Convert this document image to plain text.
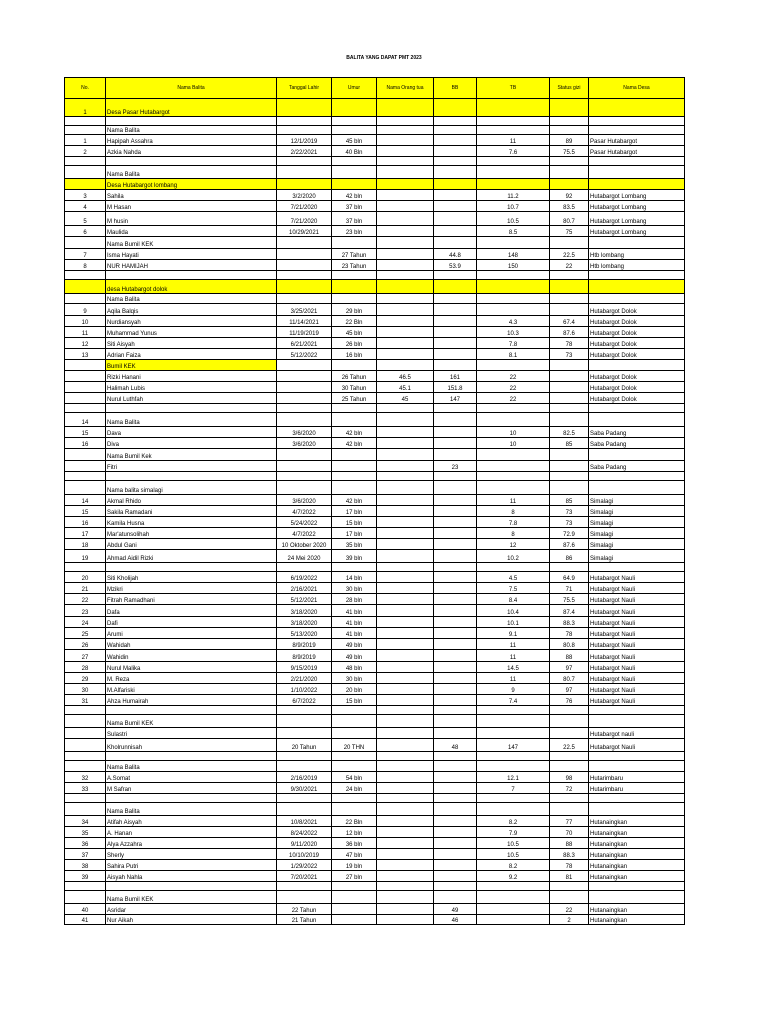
BALITA YANG DAPAT PMT 2023
No.	Nama Balita	Tanggal Lahir	Umur	Nama Orang tua	BB	TB	Status gizi	Nama Desa
1	Desa Pasar Hutabargot							

	Nama Balita							
1	Hapipah Assahra	12/1/2019	45 bln			11	89	Pasar Hutabargot
2	Azkia Nahda	2/22/2021	40 Bln			7.6	75.5	Pasar Hutabargot

	Nama Balita							
	Desa Hutabargot lombang							
3	Sahila	3/2/2020	42 bln			11.2	92	Hutabargot Lombang
4	M Hasan	7/21/2020	37 bln			10.7	83.5	Hutabargot Lombang
5	M husin	7/21/2020	37 bln			10.5	80.7	Hutabargot Lombang
6	Maulida	10/29/2021	23 bln			8.5	75	Hutabargot Lombang
	Nama Bumil KEK							
7	Isma Hayati		27 Tahun		44.8	148	22.5	Htb lombang
8	NUR HAMIJAH		23 Tahun		53.9	150	22	Htb lombang

	desa Hutabargot dolok							
	Nama Balita							
9	Aqila Balqis	3/25/2021	29 bln					Hutabargot Dolok
10	Nurdiansyah	11/14/2021	22 Bln			4.3	67.4	Hutabargot Dolok
11	Muhammad Yunus	11/19/2019	45 bln			10.3	87.6	Hutabargot Dolok
12	Siti Aisyah	6/21/2021	26 bln			7.8	78	Hutabargot Dolok
13	Adrian Faiza	5/12/2022	16 bln			8.1	73	Hutabargot Dolok
	Bumil KEK							
	Rizki Hanani		26 Tahun	46.5	161	22		Hutabargot Dolok
	Halimah Lubis		30 Tahun	45.1	151.8	22		Hutabargot Dolok
	Nurul Luthfah		25 Tahun	45	147	22		Hutabargot Dolok

14	Nama Balita							
15	Dava	3/6/2020	42 bln			10	82.5	Saba Padang
16	Diva	3/6/2020	42 bln			10	85	Saba Padang
	Nama Bumil Kek							
	Fitri				23			Saba Padang

	Nama balita simalagi							
14	Akmal Rhido	3/6/2020	42 bln			11	85	Simalagi
15	Sakila Ramadani	4/7/2022	17 bln			8	73	Simalagi
16	Kamila Husna	5/24/2022	15 bln			7.8	73	Simalagi
17	Mar'atunsolihah	4/7/2022	17 bln			8	72.9	Simalagi
18	Abdul Gani	10 Oktober 2020	35 bln			12	87.6	Simalagi
19	Ahmad Aidil Rizki	24 Mei 2020	39 bln			10.2	86	Simalagi

20	Siti Kholijah	6/19/2022	14 bln			4.5	64.9	Hutabargot Nauli
21	Mzikri	2/16/2021	30 bln			7.5	71	Hutabargot Nauli
22	Fitrah Ramadhani	5/12/2021	28 bln			8.4	75.5	Hutabargot Nauli
23	Dafa	3/18/2020	41 bln			10.4	87.4	Hutabargot Nauli
24	Dafi	3/18/2020	41 bln			10.1	88.3	Hutabargot Nauli
25	Arumi	5/13/2020	41 bln			9.1	78	Hutabargot Nauli
26	Wahidah	8/9/2019	49 bln			11	80.8	Hutabargot Nauli
27	Wahidin	8/9/2019	49 bln			11	88	Hutabargot Nauli
28	Nurul Malika	9/15/2019	48 bln			14.5	97	Hutabargot Nauli
29	M. Reza	2/21/2020	30 bln			11	80.7	Hutabargot Nauli
30	M.Alfariski	1/10/2022	20 bln			9	97	Hutabargot Nauli
31	Ahza Humairah	6/7/2022	15 bln			7.4	76	Hutabargot Nauli

	Nama Bumil KEK							
	Sulastri							Hutabargot nauli
	Kholrunnisah	20 Tahun	20 THN		48	147	22.5	Hutabargot Nauli

	Nama Balita							
32	A.Somat	2/16/2019	54 bln			12.1	98	Hutarimbaru
33	M Safran	9/30/2021	24 bln			7	72	Hutarimbaru

	Nama Balita							
34	Atifah Aisyah	10/8/2021	22 Bln			8.2	77	Hutanaingkan
35	A. Hanan	8/24/2022	12 bln			7.9	70	Hutanaingkan
36	Alya Azzahra	9/11/2020	36 bln			10.5	88	Hutanaingkan
37	Sherly	10/10/2019	47 bln			10.5	88.3	Hutanaingkan
38	Sahira Putri	1/29/2022	19 bln			8.2	78	Hutanaingkan
39	Aisyah Nahla	7/20/2021	27 bln			9.2	81	Hutanaingkan

	Nama Bumil KEK							
40	Asridar	22 Tahun			49		22	Hutanaingkan
41	Nur Aikah	21 Tahun			46		2	Hutanaingkan
